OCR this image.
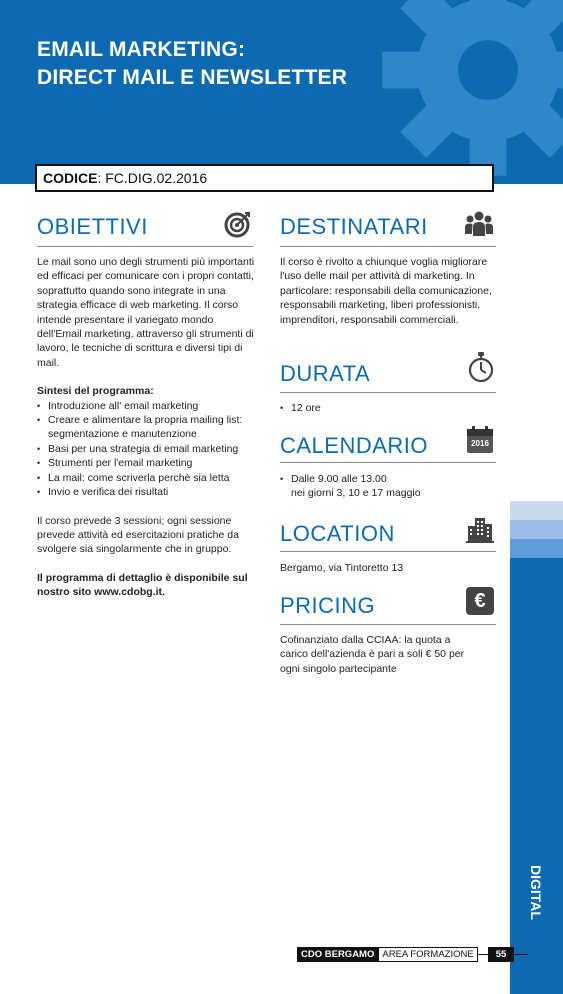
EMAIL MARKETING:
DIRECT MAIL E NEWSLETTER
CODICE: FC.DIG.02.2016
OBIETTIVI

Le mail sono uno degli strumenti più importanti ed efficaci per comunicare con i propri contatti, soprattutto quando sono integrate in una strategia efficace di web marketing. Il corso intende presentare il variegato mondo dell'Email marketing, attraverso gli strumenti di lavoro, le tecniche di scrittura e diversi tipi di mail.

Sintesi del programma:

• Introduzione all' email marketing
• Creare e alimentare la propria mailing list: segmentazione e manutenzione
• Basi per una strategia di email marketing
• Strumenti per l'email marketing
• La mail: come scriverla perchè sia letta
• Invio e verifica dei risultati

Il corso prevede 3 sessioni; ogni sessione prevede attività ed esercitazioni pratiche da svolgere sia singolarmente che in gruppo.

Il programma di dettaglio è disponibile sul nostro sito www.cdobg.it.

DESTINATARI
Il corso è rivolto a chiunque voglia migliorare l'uso delle mail per attività di marketing. In particolare: responsabili della comunicazione, responsabili marketing, liberi professionisti, imprenditori, responsabili commerciali.
DURATA
• 12 ore
CALENDARIO	2016
• Dalle 9.00 alle 13.00
nei giorni 3, 10 e 17 maggio
LOCATION
Bergamo, via Tintoretto 13
PRICING	€
Cofinanziato dalla CCIAA: la quota a carico dell'azienda è pari a soli € 50 per ogni singolo partecipante
DIGITAL
CDO BERGAMO AREA FORMAZIONE	55
